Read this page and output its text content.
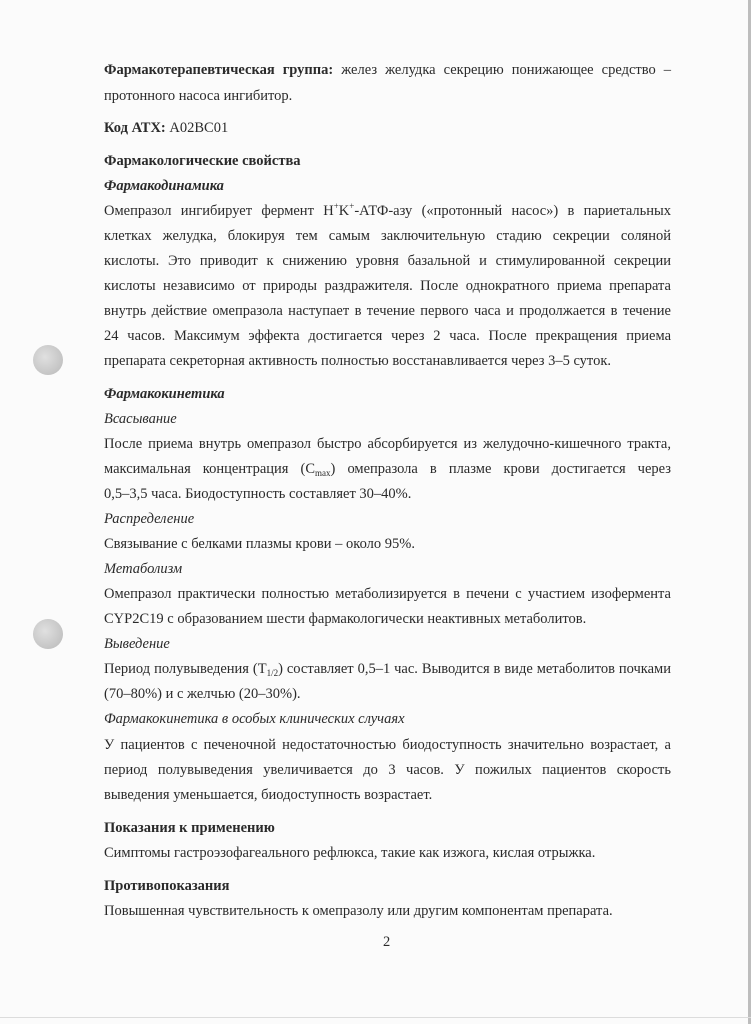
Фармакотерапевтическая группа: желез желудка секрецию понижающее средство –
протонного насоса ингибитор.
Код АТХ: A02BC01
Фармакологические свойства
Фармакодинамика
Омепразол ингибирует фермент H+K+-АТФ-азу («протонный насос») в париетальных
клетках желудка, блокируя тем самым заключительную стадию секреции соляной
кислоты. Это приводит к снижению уровня базальной и стимулированной секреции
кислоты независимо от природы раздражителя. После однократного приема препарата
внутрь действие омепразола наступает в течение первого часа и продолжается в течение
24 часов. Максимум эффекта достигается через 2 часа. После прекращения приема
препарата секреторная активность полностью восстанавливается через 3–5 суток.
Фармакокинетика
Всасывание
После приема внутрь омепразол быстро абсорбируется из желудочно-кишечного тракта,
максимальная концентрация $(C_{max})$ омепразола в плазме крови достигается через
0,5–3,5 часа. Биодоступность составляет 30–40%.
Распределение
Связывание с белками плазмы крови – около 95%.
Метаболизм
Омепразол практически полностью метаболизируется в печени с участием изофермента
CYP2C19 с образованием шести фармакологически неактивных метаболитов.
Выведение
Период полувыведения $(T_{1/2})$ составляет 0,5–1 час. Выводится в виде метаболитов почками
(70–80%) и с желчью (20–30%).
Фармакокинетика в особых клинических случаях
У пациентов с печеночной недостаточностью биодоступность значительно возрастает, а
период полувыведения увеличивается до 3 часов. У пожилых пациентов скорость
выведения уменьшается, биодоступность возрастает.
Показания к применению
Симптомы гастроэзофагеального рефлюкса, такие как изжога, кислая отрыжка.
Противопоказания
Повышенная чувствительность к омепразолу или другим компонентам препарата.
2
